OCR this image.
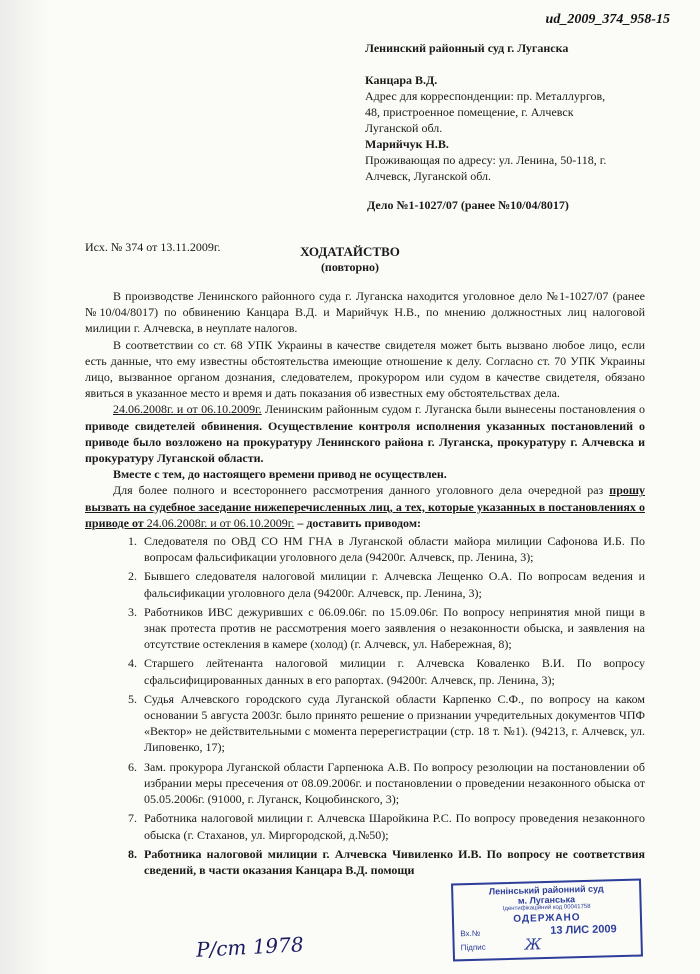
ud_2009_374_958-15
Ленинский районный суд г. Луганска
Канцара В.Д.
Адрес для корреспонденции: пр. Металлургов,
48, пристроенное помещение, г. Алчевск
Луганской обл.
Марийчук Н.В.
Проживающая по адресу: ул. Ленина, 50-118, г.
Алчевск, Луганской обл.
Дело №1-1027/07 (ранее №10/04/8017)
Исх. № 374 от 13.11.2009г.	ХОДАТАЙСТВО
(повторно)

В производстве Ленинского районного суда г. Луганска находится уголовное дело №1-1027/07 (ранее №10/04/8017) по обвинению Канцара В.Д. и Марийчук Н.В., по мнению должностных лиц налоговой милиции г. Алчевска, в неуплате налогов.

В соответствии со ст. 68 УПК Украины в качестве свидетеля может быть вызвано любое лицо, если есть данные, что ему известны обстоятельства имеющие отношение к делу. Согласно ст. 70 УПК Украины лицо, вызванное органом дознания, следователем, прокурором или судом в качестве свидетеля, обязано явиться в указанное место и время и дать показания об известных ему обстоятельствах дела.

24.06.2008г. и от 06.10.2009г. Ленинским районным судом г. Луганска были вынесены постановления о приводе свидетелей обвинения. Осуществление контроля исполнения указанных постановлений о приводе было возложено на прокуратуру Ленинского района г. Луганска, прокуратуру г. Алчевска и прокуратуру Луганской области.

Вместе с тем, до настоящего времени привод не осуществлен.

Для более полного и всестороннего рассмотрения данного уголовного дела очередной раз прошу вызвать на судебное заседание нижеперечисленных лиц, а тех, которые указанных в постановлениях о приводе от 24.06.2008г. и от 06.10.2009г. – доставить приводом:

1. Следователя по ОВД СО НМ ГНА в Луганской области майора милиции Сафонова И.Б. По вопросам фальсификации уголовного дела (94200г. Алчевск, пр. Ленина, 3);
2. Бывшего следователя налоговой милиции г. Алчевска Лещенко О.А. По вопросам ведения и фальсификации уголовного дела (94200г. Алчевск, пр. Ленина, 3);
3. Работников ИВС дежуривших с 06.09.06г. по 15.09.06г. По вопросу непринятия мной пищи в знак протеста против не рассмотрения моего заявления о незаконности обыска, и заявления на отсутствие остекления в камере (холод) (г. Алчевск, ул. Набережная, 8);
4. Старшего лейтенанта налоговой милиции г. Алчевска Коваленко В.И. По вопросу сфальсифицированных данных в его рапортах. (94200г. Алчевск, пр. Ленина, 3);
5. Судья Алчевского городского суда Луганской области Карпенко С.Ф., по вопросу на каком основании 5 августа 2003г. было принято решение о признании учредительных документов ЧПФ «Вектор» не действительными с момента перерегистрации (стр. 18 т. №1). (94213, г. Алчевск, ул. Липовенко, 17);
6. Зам. прокурора Луганской области Гарпенюка А.В. По вопросу резолюции на постановлении об избрании меры пресечения от 08.09.2006г. и постановлении о проведении незаконного обыска от 05.05.2006г. (91000, г. Луганск, Коцюбинского, 3);
7. Работника налоговой милиции г. Алчевска Шаройкина Р.С. По вопросу проведения незаконного обыска (г. Стаханов, ул. Миргородской, д.№50);
8. Работника налоговой милиции г. Алчевска Чивиленко И.В. По вопросу не соответствия сведений, в части оказания Канцара В.Д. помощи
Ленінський районний суд
м. Луганська
Ідентифікаційний код 00041758
ОДЕРЖАНО
Вх.№	13 ЛИС 2009
Підпис	Ж
Р/ст 1978
